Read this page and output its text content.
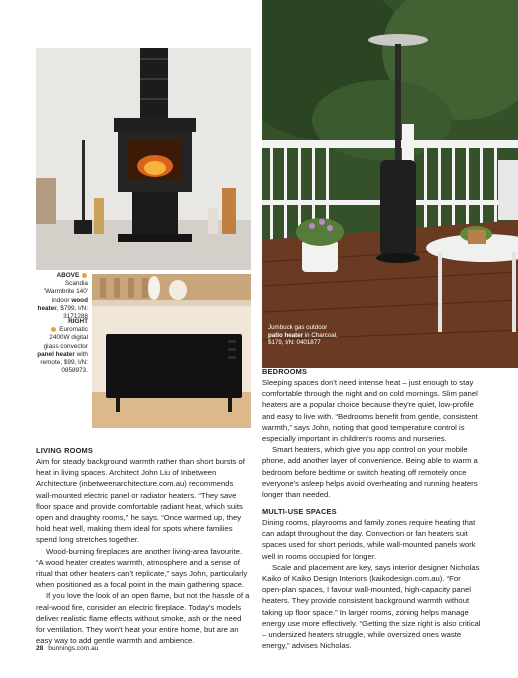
ABOVE  Scandia 'Warmbrite 140' indoor wood heater, $799, I/N: 3171288
RIGHT
Euromatic 2400W digital glass convector panel heater with remote, $99, I/N: 0958973.
Jumbuck gas outdoor
patio heater in Charcoal,
$179, I/N: 0401877
LIVING ROOMS

Aim for steady background warmth rather than short bursts of heat in living spaces. Architect John Liu of Inbetween Architecture (inbetweenarchitecture.com.au) recommends wall-mounted electric panel or radiator heaters. “They save floor space and provide comfortable radiant heat, which suits open and draughty rooms,” he says. “Once warmed up, they hold heat well, making them ideal for spots where families spend long stretches together.

Wood-burning fireplaces are another living-area favourite. “A wood heater creates warmth, atmosphere and a sense of ritual that other heaters can't replicate,” says John, particularly when positioned as a focal point in the main gathering space.

If you love the look of an open flame, but not the hassle of a real-wood fire, consider an electric fireplace. Today's models deliver realistic flame effects without smoke, ash or the need for ventilation. They won't heat your entire home, but are an easy way to add gentle warmth and ambience.

BEDROOMS

Sleeping spaces don't need intense heat – just enough to stay comfortable through the night and on cold mornings. Slim panel heaters are a popular choice because they're quiet, low-profile and easy to live with. “Bedrooms benefit from gentle, consistent warmth,” says John, noting that good temperature control is especially important in children's rooms and nurseries.

Smart heaters, which give you app control on your mobile phone, add another layer of convenience. Being able to warm a bedroom before bedtime or switch heating off remotely once everyone's asleep helps avoid overheating and running heaters longer than needed.

MULTI-USE SPACES

Dining rooms, playrooms and family zones require heating that can adapt throughout the day. Convection or fan heaters suit spaces used for short periods, while wall-mounted panels work well in rooms occupied for longer.

Scale and placement are key, says interior designer Nicholas Kaiko of Kaiko Design Interiors (kaikodesign.com.au). “For open-plan spaces, I favour wall-mounted, high-capacity panel heaters. They provide consistent background warmth without taking up floor space.” In larger rooms, zoning helps manage energy use more effectively. “Getting the size right is also critical – undersized heaters struggle, while oversized ones waste energy,” advises Nicholas.

28 bunnings.com.au
